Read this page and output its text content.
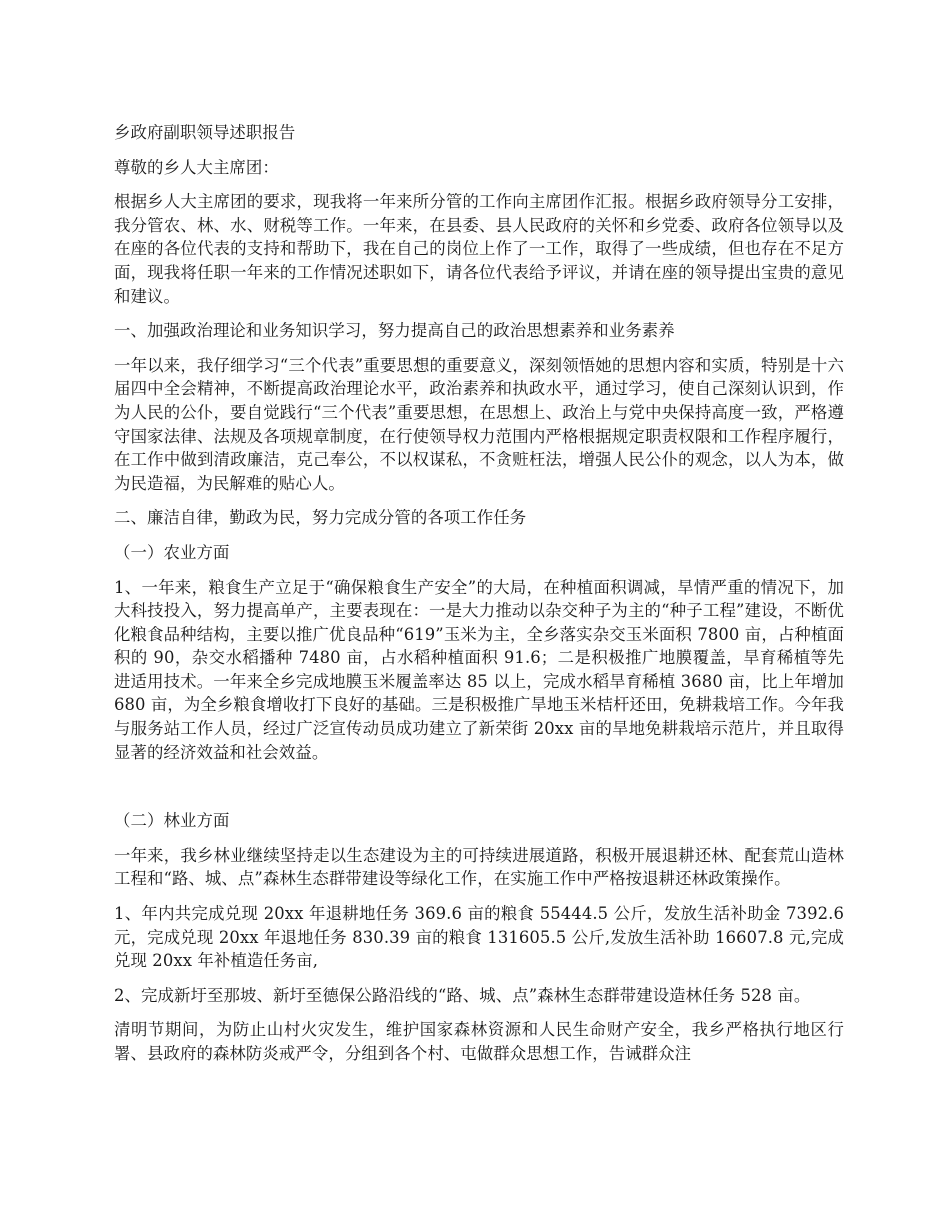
乡政府副职领导述职报告

尊敬的乡人大主席团：

根据乡人大主席团的要求，现我将一年来所分管的工作向主席团作汇报。根据乡政府领导分工安排，我分管农、林、水、财税等工作。一年来，在县委、县人民政府的关怀和乡党委、政府各位领导以及在座的各位代表的支持和帮助下，我在自己的岗位上作了一工作，取得了一些成绩，但也存在不足方面，现我将任职一年来的工作情况述职如下，请各位代表给予评议，并请在座的领导提出宝贵的意见和建议。

一、加强政治理论和业务知识学习，努力提高自己的政治思想素养和业务素养

一年以来，我仔细学习“三个代表”重要思想的重要意义，深刻领悟她的思想内容和实质，特别是十六届四中全会精神，不断提高政治理论水平，政治素养和执政水平，通过学习，使自己深刻认识到，作为人民的公仆，要自觉践行“三个代表”重要思想，在思想上、政治上与党中央保持高度一致，严格遵守国家法律、法规及各项规章制度，在行使领导权力范围内严格根据规定职责权限和工作程序履行，在工作中做到清政廉洁，克己奉公，不以权谋私，不贪赃枉法，增强人民公仆的观念，以人为本，做为民造福，为民解难的贴心人。

二、廉洁自律，勤政为民，努力完成分管的各项工作任务

（一）农业方面

1、一年来，粮食生产立足于“确保粮食生产安全”的大局，在种植面积调减，旱情严重的情况下，加大科技投入，努力提高单产，主要表现在：一是大力推动以杂交种子为主的“种子工程”建设，不断优化粮食品种结构，主要以推广优良品种“619”玉米为主，全乡落实杂交玉米面积 7800 亩，占种植面积的 90，杂交水稻播种 7480 亩，占水稻种植面积 91.6；二是积极推广地膜覆盖，旱育稀植等先进适用技术。一年来全乡完成地膜玉米履盖率达 85 以上，完成水稻旱育稀植 3680 亩，比上年增加 680 亩，为全乡粮食增收打下良好的基础。三是积极推广旱地玉米桔杆还田，免耕栽培工作。今年我与服务站工作人员，经过广泛宣传动员成功建立了新荣街 20xx 亩的旱地免耕栽培示范片，并且取得显著的经济效益和社会效益。

（二）林业方面

一年来，我乡林业继续坚持走以生态建设为主的可持续进展道路，积极开展退耕还林、配套荒山造林工程和“路、城、点”森林生态群带建设等绿化工作，在实施工作中严格按退耕还林政策操作。

1、年内共完成兑现 20xx 年退耕地任务 369.6 亩的粮食 55444.5 公斤，发放生活补助金 7392.6 元，完成兑现 20xx 年退地任务 830.39 亩的粮食 131605.5 公斤,发放生活补助 16607.8 元,完成兑现 20xx 年补植造任务亩,

2、完成新圩至那坡、新圩至德保公路沿线的“路、城、点”森林生态群带建设造林任务 528 亩。

清明节期间，为防止山村火灾发生，维护国家森林资源和人民生命财产安全，我乡严格执行地区行署、县政府的森林防炎戒严令，分组到各个村、屯做群众思想工作，告诫群众注
